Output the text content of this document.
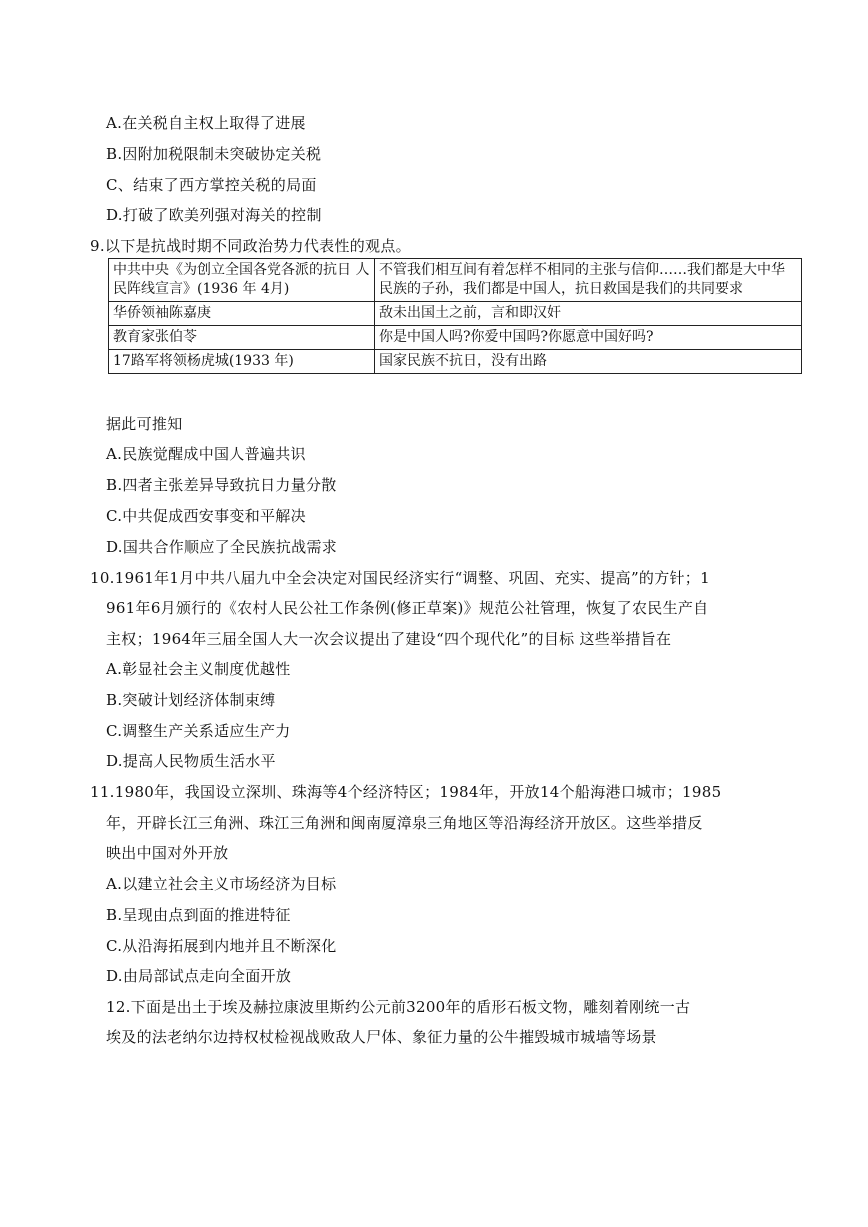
A.在关税自主权上取得了进展
B.因附加税限制未突破协定关税
C、结束了西方掌控关税的局面
D.打破了欧美列强对海关的控制
9.以下是抗战时期不同政治势力代表性的观点。
中共中央《为创立全国各党各派的抗日 人民阵线宣言》(1936 年 4月)	不管我们相互间有着怎样不相同的主张与信仰……我们都是大中华民族的子孙，我们都是中国人，抗日救国是我们的共同要求
华侨领袖陈嘉庚	敌未出国土之前，言和即汉奸
教育家张伯苓	你是中国人吗?你爱中国吗?你愿意中国好吗?
17路军将领杨虎城(1933 年)	国家民族不抗日，没有出路
据此可推知
A.民族觉醒成中国人普遍共识
B.四者主张差异导致抗日力量分散
C.中共促成西安事变和平解决
D.国共合作顺应了全民族抗战需求
10.1961年1月中共八届九中全会决定对国民经济实行“调整、巩固、充实、提高”的方针；1
961年6月颁行的《农村人民公社工作条例(修正草案)》规范公社管理，恢复了农民生产自
主权；1964年三届全国人大一次会议提出了建设“四个现代化”的目标 这些举措旨在
A.彰显社会主义制度优越性
B.突破计划经济体制束缚
C.调整生产关系适应生产力
D.提高人民物质生活水平
11.1980年，我国设立深圳、珠海等4个经济特区；1984年，开放14个船海港口城市；1985
年，开辟长江三角洲、珠江三角洲和闽南厦漳泉三角地区等沿海经济开放区。这些举措反
映出中国对外开放
A.以建立社会主义市场经济为目标
B.呈现由点到面的推进特征
C.从沿海拓展到内地并且不断深化
D.由局部试点走向全面开放
12.下面是出土于埃及赫拉康波里斯约公元前3200年的盾形石板文物，雕刻着刚统一古
埃及的法老纳尔边持权杖检视战败敌人尸体、象征力量的公牛摧毁城市城墙等场景
